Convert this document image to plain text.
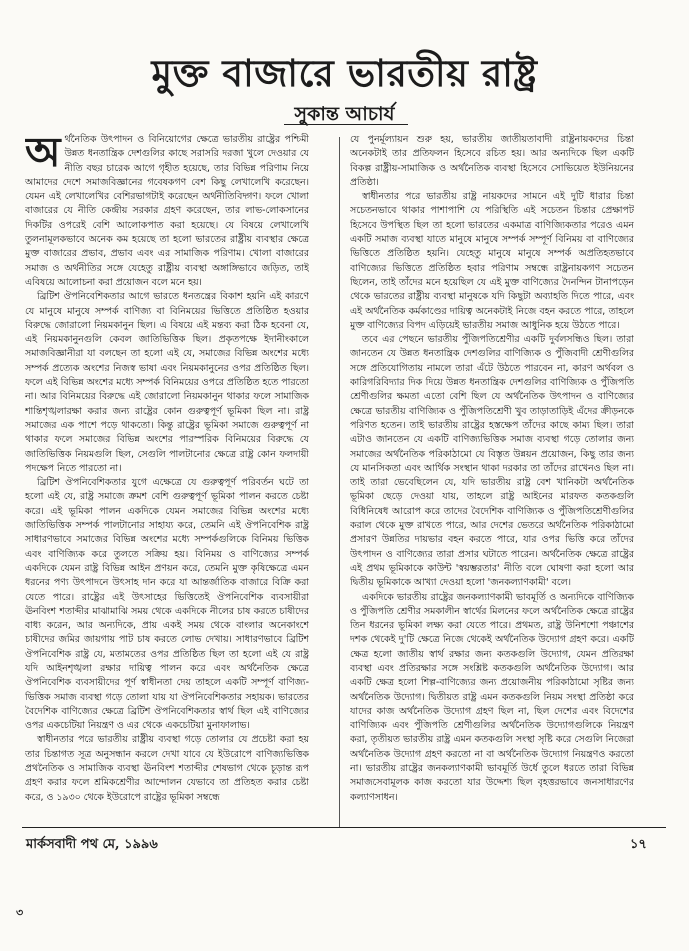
মুক্ত বাজারে ভারতীয় রাষ্ট্র
সুকান্ত আচার্য

অর্থনৈতিক উৎপাদন ও বিনিয়োগের ক্ষেত্রে ভারতীয় রাষ্ট্রের পশ্চিমী উন্নত ধনতান্ত্রিক দেশগুলির কাছে সরাসরি দরজা খুলে দেওয়ার যে নীতি বছর চারেক আগে গৃহীত হয়েছে, তার বিভিন্ন পরিণাম নিয়ে আমাদের দেশে সমাজবিজ্ঞানের গবেষকগণ বেশ কিছু লেখালেখি করেছেন। যেমন এই লেখালেখির বেশিরভাগটাই করেছেন অর্থনীতিবিদ্গণ। ফলে খোলা বাজারের যে নীতি কেন্দ্রীয় সরকার গ্রহণ করেছেন, তার লাভ-লোকসানের দিকটির ওপরেই বেশি আলোকপাত করা হয়েছে। যে বিষয়ে লেখালেখি তুলনামূলকভাবে অনেক কম হয়েছে তা হলো ভারতের রাষ্ট্রীয় ব্যবস্থার ক্ষেত্রে মুক্ত বাজারের প্রভাব, প্রভাব এবং এর সামাজিক পরিণাম। খোলা বাজারের সমাজ ও অর্থনীতির সঙ্গে যেহেতু রাষ্ট্রীয় ব্যবস্থা অঙ্গাঙ্গিভাবে জড়িত, তাই এবিষয়ে আলোচনা করা প্রয়োজন বলে মনে হয়।

ব্রিটিশ ঔপনিবেশিকতার আগে ভারতে ধনতন্ত্রের বিকাশ হয়নি এই কারণে যে মানুষে মানুষে সম্পর্ক বাণিজ্য বা বিনিময়ের ভিত্তিতে প্রতিষ্ঠিত হওয়ার বিরুদ্ধে জোরালো নিয়মকানুন ছিল। এ বিষয়ে এই মন্তব্য করা ঠিক হবেনা যে, এই নিয়মকানুনগুলি কেবল জাতিভিত্তিক ছিল। প্রকৃতপক্ষে ইদানীংকালে সমাজবিজ্ঞানীরা যা বলছেন তা হলো এই যে, সমাজের বিভিন্ন অংশের মধ্যে সম্পর্ক প্রত্যেক অংশের নিজস্ব ভাষা এবং নিয়মকানুনের ওপর প্রতিষ্ঠিত ছিল। ফলে এই বিভিন্ন অংশের মধ্যে সম্পর্ক বিনিময়ের ওপরে প্রতিষ্ঠিত হতে পারতো না। আর বিনিময়ের বিরুদ্ধে এই জোরালো নিয়মকানুন থাকার ফলে সামাজিক শান্তিশৃঙ্খলারক্ষা করার জন্য রাষ্ট্রের কোন গুরুত্বপূর্ণ ভূমিকা ছিল না। রাষ্ট্র সমাজের এক পাশে পড়ে থাকতো। কিন্তু রাষ্ট্রের ভূমিকা সমাজে গুরুত্বপূর্ণ না থাকার ফলে সমাজের বিভিন্ন অংশের পারস্পরিক বিনিময়ের বিরুদ্ধে যে জাতিভিত্তিক নিয়মগুলি ছিল, সেগুলি পালটানোর ক্ষেত্রে রাষ্ট্র কোন ফলদায়ী পদক্ষেপ নিতে পারতো না।

ব্রিটিশ ঔপনিবেশিকতার যুগে এক্ষেত্রে যে গুরুত্বপূর্ণ পরিবর্তন ঘটে তা হলো এই যে, রাষ্ট্র সমাজে ক্রমশ বেশি গুরুত্বপূর্ণ ভূমিকা পালন করতে চেষ্টা করে। এই ভূমিকা পালন একদিকে যেমন সমাজের বিভিন্ন অংশের মধ্যে জাতিভিত্তিক সম্পর্ক পালটানোর সাহায্য করে, তেমনি এই ঔপনিবেশিক রাষ্ট্র সাধারণভাবে সমাজের বিভিন্ন অংশের মধ্যে সম্পর্কগুলিকে বিনিময় ভিত্তিক এবং বাণিজ্যিক করে তুলতে সক্রিয় হয়। বিনিময় ও বাণিজ্যের সম্পর্ক একদিকে যেমন রাষ্ট্র বিভিন্ন আইন প্রণয়ন করে, তেমনি মুক্ত কৃষিক্ষেত্রে এমন ধরনের পণ্য উৎপাদনে উৎসাহ দান করে যা আন্তর্জাতিক বাজারে বিক্রি করা যেতে পারে। রাষ্ট্রের এই উৎসাহের ভিত্তিতেই ঔপনিবেশিক ব্যবসায়ীরা ঊনবিংশ শতাব্দীর মাঝামাঝি সময় থেকে একদিকে নীলের চাষ করতে চাষীদের বাধ্য করেন, আর অন্যদিকে, প্রায় একই সময় থেকে বাংলার অনেকাংশে চাষীদের জমির জায়গায় পাট চাষ করতে লোভ দেখায়। সাধারণভাবে ব্রিটিশ ঔপনিবেশিক রাষ্ট্র যে, মতামতের ওপর প্রতিষ্ঠিত ছিল তা হলো এই যে রাষ্ট্র যদি আইনশৃঙ্খলা রক্ষার দায়িত্ব পালন করে এবং অর্থনৈতিক ক্ষেত্রে ঔপনিবেশিক ব্যবসায়ীদের পূর্ণ স্বাধীনতা দেয় তাহলে একটি সম্পূর্ণ বাণিজ্য-ভিত্তিক সমাজ ব্যবস্থা গড়ে তোলা যায় যা ঔপনিবেশিকতার সহায়ক। ভারতের বৈদেশিক বাণিজ্যের ক্ষেত্রে ব্রিটিশ ঔপনিবেশিকতার স্বার্থ ছিল এই বাণিজ্যের ওপর একচেটিয়া নিয়ন্ত্রণ ও এর থেকে একচেটিয়া মুনাফালাভ।

স্বাধীনতার পরে ভারতীয় রাষ্ট্রীয় ব্যবস্থা গড়ে তোলার যে প্রচেষ্টা করা হয় তার চিন্তাগত সূত্র অনুসন্ধান করলে দেখা যাবে যে ইউরোপে বাণিজ্যভিত্তিক প্রথনৈতিক ও সামাজিক ব্যবস্থা ঊনবিংশ শতাব্দীর শেষভাগ থেকে চূড়ান্ত রূপ গ্রহণ করার ফলে শ্রমিকশ্রেণীর আন্দোলন যেভাবে তা প্রতিহত করার চেষ্টা করে, ও ১৯৩০ থেকে ইউরোপে রাষ্ট্রের ভূমিকা সম্বন্ধে

যে পুনর্মূল্যায়ন শুরু হয়, ভারতীয় জাতীয়তাবাদী রাষ্ট্রনায়কদের চিন্তা অনেকটাই তার প্রতিফলন হিসেবে রচিত হয়। আর অন্যদিকে ছিল একটি বিকল্প রাষ্ট্রীয়-সামাজিক ও অর্থনৈতিক ব্যবস্থা হিসেবে সোভিয়েত ইউনিয়নের প্রতিষ্ঠা।

স্বাধীনতার পরে ভারতীয় রাষ্ট্র নায়কদের সামনে এই দুটি ধারার চিন্তা সচেতনভাবে থাকার পাশাপাশি যে পরিস্থিতি এই সচেতন চিন্তার প্রেক্ষাপট হিসেবে উপস্থিত ছিল তা হলো ভারতের একমাত্র বাণিজ্যিকতার পরেও এমন একটি সমাজ ব্যবস্থা যাতে মানুষে মানুষে সম্পর্ক সম্পূর্ণ বিনিময় বা বাণিজ্যের ভিত্তিতে প্রতিষ্ঠিত হয়নি। যেহেতু মানুষে মানুষে সম্পর্ক অপ্রতিহতভাবে বাণিজ্যের ভিত্তিতে প্রতিষ্ঠিত হবার পরিণাম সম্বন্ধে রাষ্ট্রনায়কগণ সচেতন ছিলেন, তাই তাঁদের মনে হয়েছিল যে এই মুক্ত বাণিজ্যের দৈনন্দিন টানাপড়েন থেকে ভারতের রাষ্ট্রীয় ব্যবস্থা মানুষকে যদি কিছুটা অব্যাহতি দিতে পারে, এবং এই অর্থনৈতিক কর্মকাণ্ডের দায়িত্ব অনেকটাই নিজে বহন করতে পারে, তাহলে মুক্ত বাণিজ্যের বিপদ এড়িয়েই ভারতীয় সমাজ আধুনিক হয়ে উঠতে পারে।

তবে এর পেছনে ভারতীয় পুঁজিপতিশ্রেণীর একটি দুর্বলসন্ধিও ছিল। তারা জানতেন যে উন্নত ধনতান্ত্রিক দেশগুলির বাণিজ্যিক ও পুঁজিবাদী শ্রেণীগুলির সঙ্গে প্রতিযোগিতায় নামলে তারা এঁটে উঠতে পারবেন না, কারণ অর্থবল ও কারিগরিবিদ্যার দিক দিয়ে উন্নত ধনতান্ত্রিক দেশগুলির বাণিজ্যিক ও পুঁজিপতি শ্রেণীগুলির ক্ষমতা এতো বেশি ছিল যে অর্থনৈতিক উৎপাদন ও বাণিজ্যের ক্ষেত্রে ভারতীয় বাণিজ্যিক ও পুঁজিপতিশ্রেণী খুব তাড়াতাড়িই এঁদের ক্রীড়নকে পরিণত হতেন। তাই ভারতীয় রাষ্ট্রের হস্তক্ষেপ তাঁদের কাছে কাম্য ছিল। তারা এটাও জানতেন যে একটি বাণিজ্যভিত্তিক সমাজ ব্যবস্থা গড়ে তোলার জন্য সমাজের অর্থনৈতিক পরিকাঠামো যে বিস্তৃত উন্নয়ন প্রয়োজন, কিছু তার জন্য যে মানসিকতা এবং আর্থিক সংস্থান থাকা দরকার তা তাঁদের রাখেনও ছিল না। তাই তারা ভেবেছিলেন যে, যদি ভারতীয় রাষ্ট্র বেশ খানিকটা অর্থনৈতিক ভূমিকা ছেড়ে দেওয়া যায়, তাহলে রাষ্ট্র আইনের মারফত কতকগুলি বিধিনিষেধ আরোপ করে তাদের বৈদেশিক বাণিজ্যিক ও পুঁজিপতিশ্রেণীগুলির করাল থেকে মুক্ত রাখতে পারে, আর দেশের ভেতরে অর্থনৈতিক পরিকাঠামো প্রসারণ উন্নতির দায়ভার বহন করতে পারে, যার ওপর ভিত্তি করে তাঁদের উৎপাদন ও বাণিজ্যের তারা প্রসার ঘটাতে পারেন। অর্থনৈতিক ক্ষেত্রে রাষ্ট্রের এই প্রথম ভূমিকাকে কাউন্ট 'স্বয়ম্ভরতার' নীতি বলে ঘোষণা করা হলো আর দ্বিতীয় ভূমিকাকে আখ্যা দেওয়া হলো 'জনকল্যাণকামী' বলে।

একদিকে ভারতীয় রাষ্ট্রের জনকল্যাণকামী ভাবমূর্তি ও অন্যদিকে বাণিজ্যিক ও পুঁজিপতি শ্রেণীর সমকালীন স্বার্থের মিলনের ফলে অর্থনৈতিক ক্ষেত্রে রাষ্ট্রের তিন ধরনের ভূমিকা লক্ষ্য করা যেতে পারে। প্রথমত, রাষ্ট্র উনিশশো পঞ্চাশের দশক থেকেই দু'টি ক্ষেত্রে নিজে থেকেই অর্থনৈতিক উদ্যোগ গ্রহণ করে। একটি ক্ষেত্র হলো জাতীয় স্বার্থ রক্ষার জন্য কতকগুলি উদ্যোগ, যেমন প্রতিরক্ষা ব্যবস্থা এবং প্রতিরক্ষার সঙ্গে সংশ্লিষ্ট কতকগুলি অর্থনৈতিক উদ্যোগ। আর একটি ক্ষেত্র হলো শিল্প-বাণিজ্যের জন্য প্রয়োজনীয় পরিকাঠামো সৃষ্টির জন্য অর্থনৈতিক উদ্যোগ। দ্বিতীয়ত রাষ্ট্র এমন কতকগুলি নিয়ম সংস্থা প্রতিষ্ঠা করে যাদের কাজ অর্থনৈতিক উদ্যোগ গ্রহণ ছিল না, ছিল দেশের এবং বিদেশের বাণিজ্যিক এবং পুঁজিপতি শ্রেণীগুলির অর্থনৈতিক উদ্যোগগুলিকে নিয়ন্ত্রণ করা, তৃতীয়ত ভারতীয় রাষ্ট্র এমন কতকগুলি সংস্থা সৃষ্টি করে সেগুলি নিজেরা অর্থনৈতিক উদ্যোগ গ্রহণ করতো না বা অর্থনৈতিক উদ্যোগ নিয়ন্ত্রণও করতো না। ভারতীয় রাষ্ট্রের জনকল্যাণকামী ভাবমূর্তি উর্ধে তুলে ধরতে তারা বিভিন্ন সমাজসেবামূলক কাজ করতো যার উদ্দেশ্য ছিল বৃহত্তরভাবে জনসাধারণের কল্যাণসাধন।

মার্কসবাদী পথ মে, ১৯৯৬	১৭
৩
